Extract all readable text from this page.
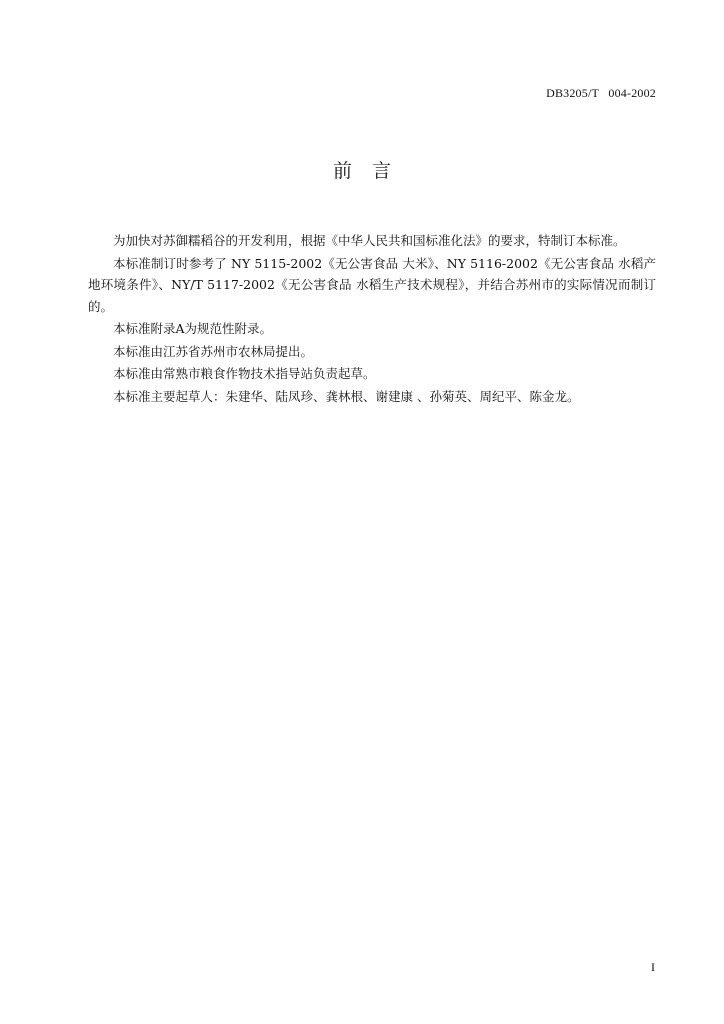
DB3205/T   004-2002
前言

为加快对苏御糯稻谷的开发利用，根据《中华人民共和国标准化法》的要求，特制订本标准。

本标准制订时参考了 NY 5115-2002《无公害食品 大米》、NY 5116-2002《无公害食品 水稻产地环境条件》、NY/T 5117-2002《无公害食品 水稻生产技术规程》，并结合苏州市的实际情况而制订的。

本标准附录A为规范性附录。

本标准由江苏省苏州市农林局提出。

本标准由常熟市粮食作物技术指导站负责起草。

本标准主要起草人：朱建华、陆凤珍、龚林根、谢建康 、孙菊英、周纪平、陈金龙。

I
